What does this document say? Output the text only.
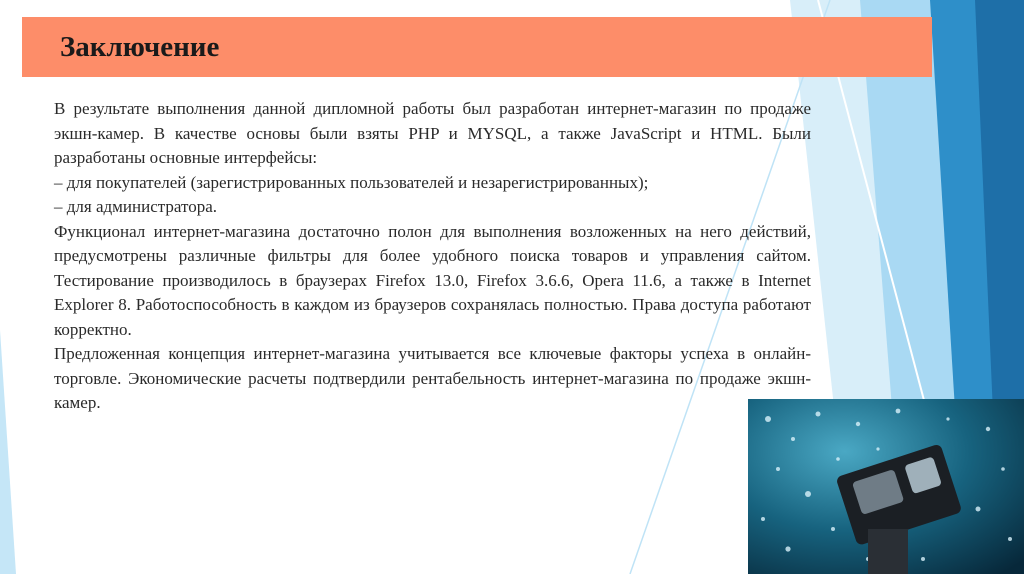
Заключение

В результате выполнения данной дипломной работы был разработан интернет-магазин по продаже экшн-камер. В качестве основы были взяты PHP и MYSQL, а также JavaScript и HTML. Были разработаны основные интерфейсы:

– для покупателей (зарегистрированных пользователей и незарегистрированных);

– для администратора.

Функционал интернет-магазина достаточно полон для выполнения возложенных на него действий, предусмотрены различные фильтры для более удобного поиска товаров и управления сайтом. Тестирование производилось в браузерах Firefox 13.0, Firefox 3.6.6, Opera 11.6, а также в Internet Explorer 8. Работоспособность в каждом из браузеров сохранялась полностью. Права доступа работают корректно.

Предложенная концепция интернет-магазина учитывается все ключевые факторы успеха в онлайн-торговле. Экономические расчеты подтвердили рентабельность интернет-магазина по продаже экшн-камер.
